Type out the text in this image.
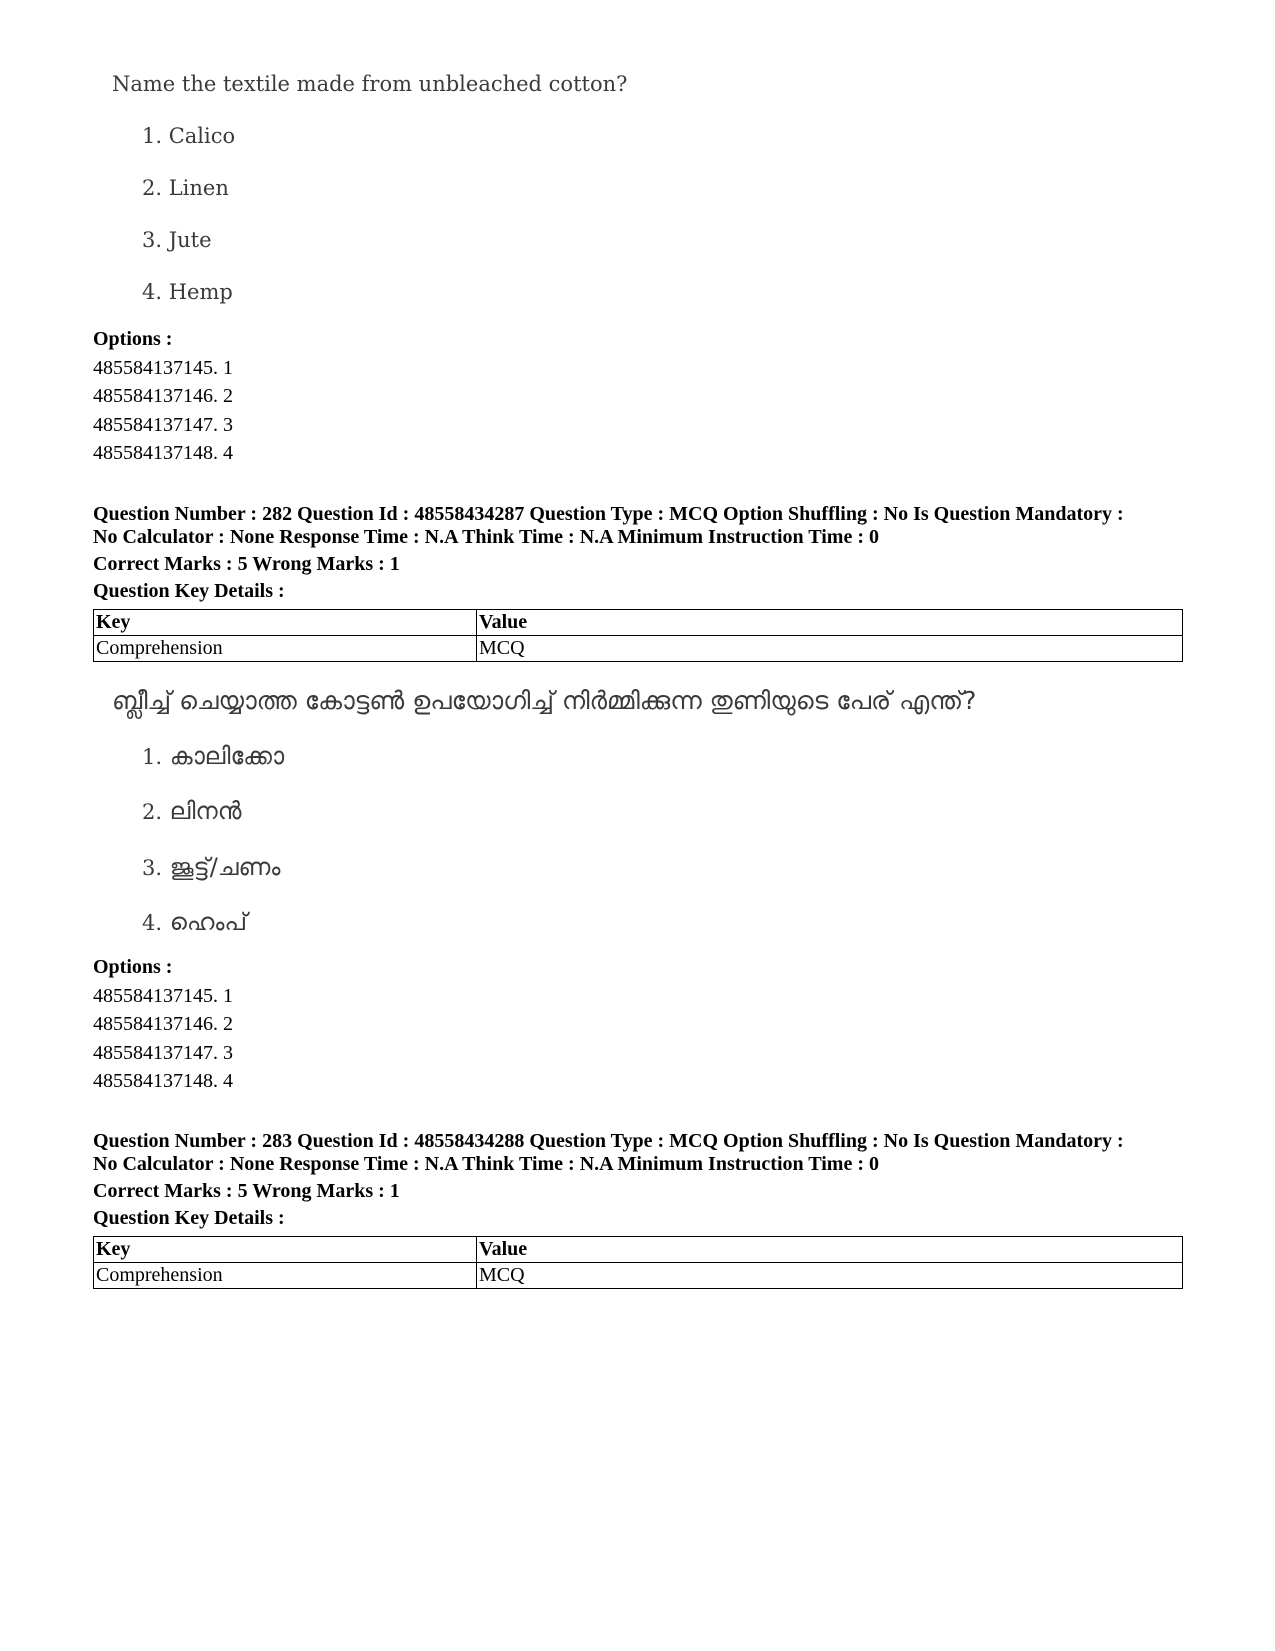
Name the textile made from unbleached cotton?
1. Calico
2. Linen
3. Jute
4. Hemp
Options :
485584137145. 1
485584137146. 2
485584137147. 3
485584137148. 4
Question Number : 282 Question Id : 48558434287 Question Type : MCQ Option Shuffling : No Is Question Mandatory :
No Calculator : None Response Time : N.A Think Time : N.A Minimum Instruction Time : 0
Correct Marks : 5 Wrong Marks : 1
Question Key Details :
Key	Value
Comprehension	MCQ
ബ്ലീച്ച് ചെയ്യാത്ത കോട്ടൺ ഉപയോഗിച്ച് നിർമ്മിക്കുന്ന തുണിയുടെ പേര് എന്ത്?
1. കാലിക്കോ
2. ലിനൻ
3. ജൂട്ട്/ചണം
4. ഹെംപ്
Options :
485584137145. 1
485584137146. 2
485584137147. 3
485584137148. 4
Question Number : 283 Question Id : 48558434288 Question Type : MCQ Option Shuffling : No Is Question Mandatory :
No Calculator : None Response Time : N.A Think Time : N.A Minimum Instruction Time : 0
Correct Marks : 5 Wrong Marks : 1
Question Key Details :
Key	Value
Comprehension	MCQ
